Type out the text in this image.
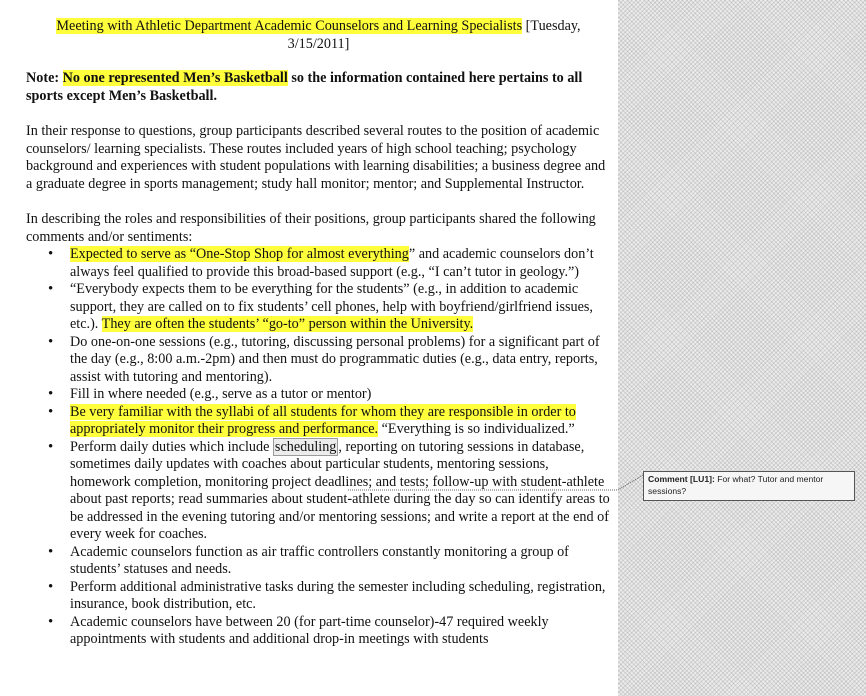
Meeting with Athletic Department Academic Counselors and Learning Specialists [Tuesday, 3/15/2011]

Note: No one represented Men’s Basketball so the information contained here pertains to all sports except Men’s Basketball.

In their response to questions, group participants described several routes to the position of academic counselors/ learning specialists. These routes included years of high school teaching; psychology background and experiences with student populations with learning disabilities; a business degree and a graduate degree in sports management; study hall monitor; mentor; and Supplemental Instructor.

In describing the roles and responsibilities of their positions, group participants shared the following comments and/or sentiments:

• Expected to serve as “One-Stop Shop for almost everything” and academic counselors don’t always feel qualified to provide this broad-based support (e.g., “I can’t tutor in geology.”)
• “Everybody expects them to be everything for the students” (e.g., in addition to academic support, they are called on to fix students’ cell phones, help with boyfriend/girlfriend issues, etc.). They are often the students’ “go-to” person within the University.
• Do one-on-one sessions (e.g., tutoring, discussing personal problems) for a significant part of the day (e.g., 8:00 a.m.-2pm) and then must do programmatic duties (e.g., data entry, reports, assist with tutoring and mentoring).
• Fill in where needed (e.g., serve as a tutor or mentor)
• Be very familiar with the syllabi of all students for whom they are responsible in order to appropriately monitor their progress and performance. “Everything is so individualized.”
• Perform daily duties which include scheduling , reporting on tutoring sessions in database, sometimes daily updates with coaches about particular students, mentoring sessions, homework completion, monitoring project deadlines; and tests; follow-up with student-athlete about past reports; read summaries about student-athlete during the day so can identify areas to be addressed in the evening tutoring and/or mentoring sessions; and write a report at the end of every week for coaches.
• Academic counselors function as air traffic controllers constantly monitoring a group of students’ statuses and needs.
• Perform additional administrative tasks during the semester including scheduling, registration, insurance, book distribution, etc.
• Academic counselors have between 20 (for part-time counselor)-47 required weekly appointments with students and additional drop-in meetings with students
Comment [LU1]: For what? Tutor and mentor sessions?
